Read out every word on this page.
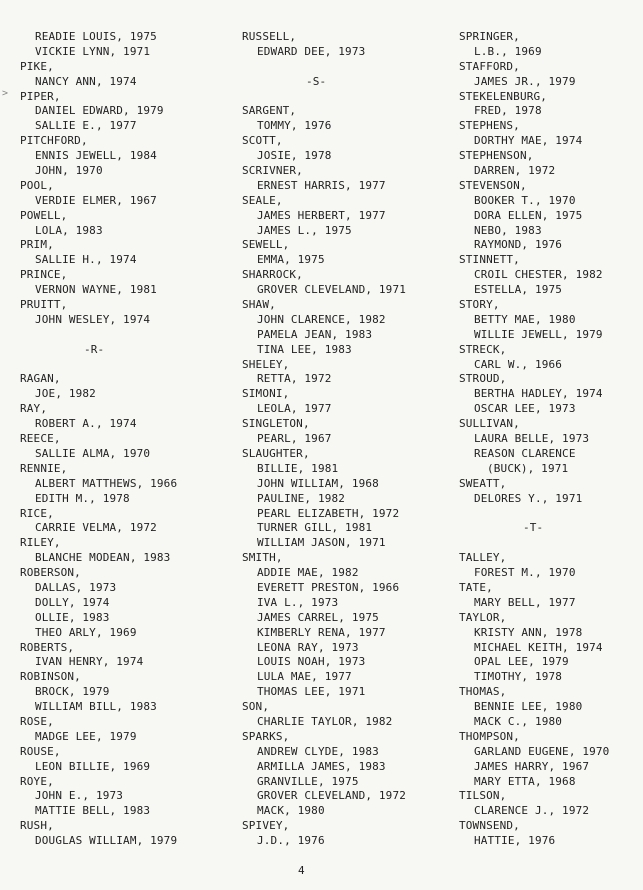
READIE LOUIS, 1975
VICKIE LYNN, 1971
PIKE,
NANCY ANN, 1974
PIPER,
DANIEL EDWARD, 1979
SALLIE E., 1977
PITCHFORD,
ENNIS JEWELL, 1984
JOHN, 1970
POOL,
VERDIE ELMER, 1967
POWELL,
LOLA, 1983
PRIM,
SALLIE H., 1974
PRINCE,
VERNON WAYNE, 1981
PRUITT,
JOHN WESLEY, 1974
-R-
RAGAN,
JOE, 1982
RAY,
ROBERT A., 1974
REECE,
SALLIE ALMA, 1970
RENNIE,
ALBERT MATTHEWS, 1966
EDITH M., 1978
RICE,
CARRIE VELMA, 1972
RILEY,
BLANCHE MODEAN, 1983
ROBERSON,
DALLAS, 1973
DOLLY, 1974
OLLIE, 1983
THEO ARLY, 1969
ROBERTS,
IVAN HENRY, 1974
ROBINSON,
BROCK, 1979
WILLIAM BILL, 1983
ROSE,
MADGE LEE, 1979
ROUSE,
LEON BILLIE, 1969
ROYE,
JOHN E., 1973
MATTIE BELL, 1983
RUSH,
DOUGLAS WILLIAM, 1979
RUSSELL,
EDWARD DEE, 1973
-S-
SARGENT,
TOMMY, 1976
SCOTT,
JOSIE, 1978
SCRIVNER,
ERNEST HARRIS, 1977
SEALE,
JAMES HERBERT, 1977
JAMES L., 1975
SEWELL,
EMMA, 1975
SHARROCK,
GROVER CLEVELAND, 1971
SHAW,
JOHN CLARENCE, 1982
PAMELA JEAN, 1983
TINA LEE, 1983
SHELEY,
RETTA, 1972
SIMONI,
LEOLA, 1977
SINGLETON,
PEARL, 1967
SLAUGHTER,
BILLIE, 1981
JOHN WILLIAM, 1968
PAULINE, 1982
PEARL ELIZABETH, 1972
TURNER GILL, 1981
WILLIAM JASON, 1971
SMITH,
ADDIE MAE, 1982
EVERETT PRESTON, 1966
IVA L., 1973
JAMES CARREL, 1975
KIMBERLY RENA, 1977
LEONA RAY, 1973
LOUIS NOAH, 1973
LULA MAE, 1977
THOMAS LEE, 1971
SON,
CHARLIE TAYLOR, 1982
SPARKS,
ANDREW CLYDE, 1983
ARMILLA JAMES, 1983
GRANVILLE, 1975
GROVER CLEVELAND, 1972
MACK, 1980
SPIVEY,
J.D., 1976
SPRINGER,
L.B., 1969
STAFFORD,
JAMES JR., 1979
STEKELENBURG,
FRED, 1978
STEPHENS,
DORTHY MAE, 1974
STEPHENSON,
DARREN, 1972
STEVENSON,
BOOKER T., 1970
DORA ELLEN, 1975
NEBO, 1983
RAYMOND, 1976
STINNETT,
CROIL CHESTER, 1982
ESTELLA, 1975
STORY,
BETTY MAE, 1980
WILLIE JEWELL, 1979
STRECK,
CARL W., 1966
STROUD,
BERTHA HADLEY, 1974
OSCAR LEE, 1973
SULLIVAN,
LAURA BELLE, 1973
REASON CLARENCE
(BUCK), 1971
SWEATT,
DELORES Y., 1971
-T-
TALLEY,
FOREST M., 1970
TATE,
MARY BELL, 1977
TAYLOR,
KRISTY ANN, 1978
MICHAEL KEITH, 1974
OPAL LEE, 1979
TIMOTHY, 1978
THOMAS,
BENNIE LEE, 1980
MACK C., 1980
THOMPSON,
GARLAND EUGENE, 1970
JAMES HARRY, 1967
MARY ETTA, 1968
TILSON,
CLARENCE J., 1972
TOWNSEND,
HATTIE, 1976
>
4
